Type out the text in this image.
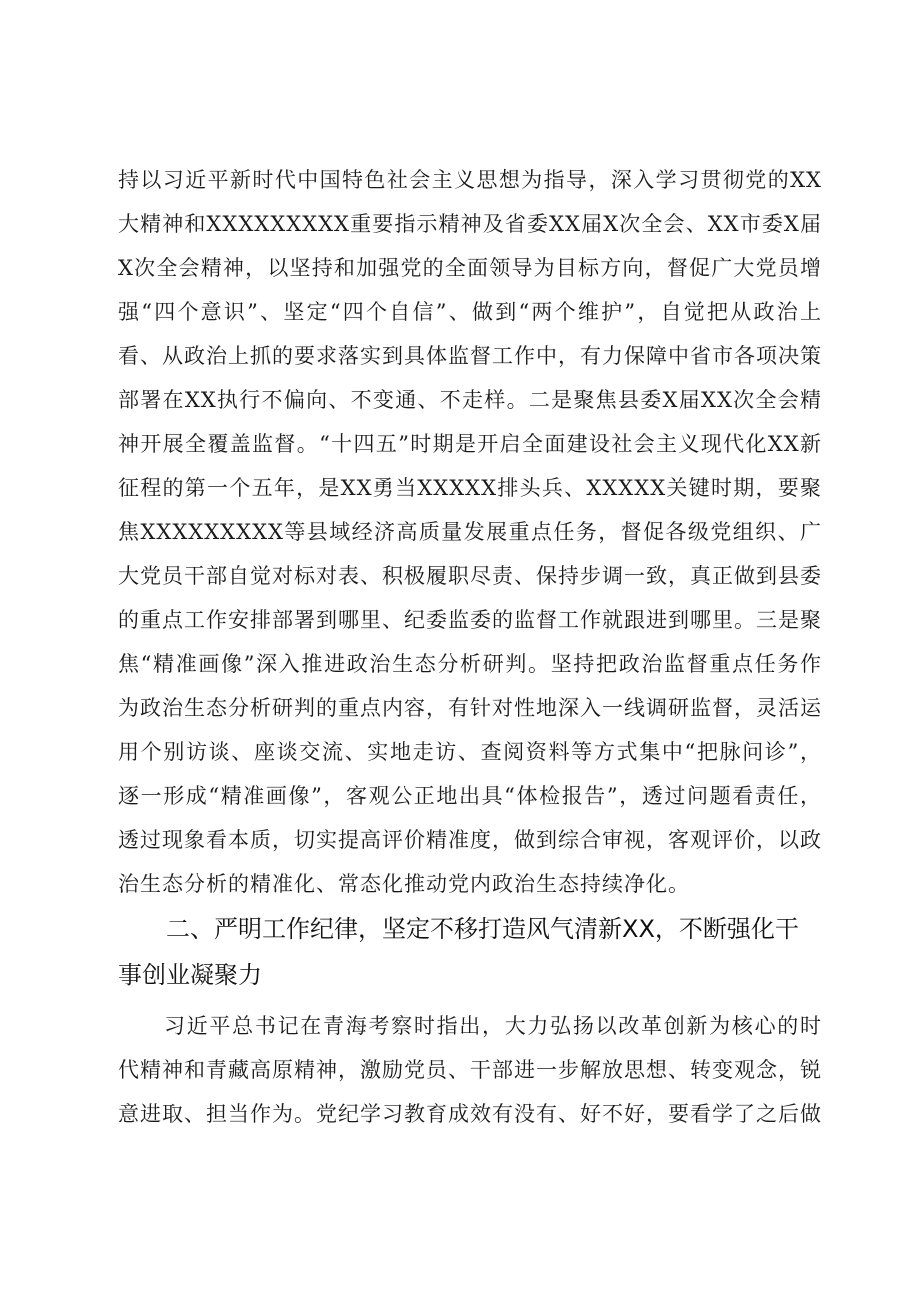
持以习近平新时代中国特色社会主义思想为指导，深入学习贯彻党的XX大精神和XXXXXXXXX重要指示精神及省委XX届X次全会、XX市委X届X次全会精神，以坚持和加强党的全面领导为目标方向，督促广大党员增强“四个意识”、坚定“四个自信”、做到“两个维护”，自觉把从政治上看、从政治上抓的要求落实到具体监督工作中，有力保障中省市各项决策部署在XX执行不偏向、不变通、不走样。二是聚焦县委X届XX次全会精神开展全覆盖监督。“十四五”时期是开启全面建设社会主义现代化XX新征程的第一个五年，是XX勇当XXXXX排头兵、XXXXX关键时期，要聚焦XXXXXXXXX等县域经济高质量发展重点任务，督促各级党组织、广大党员干部自觉对标对表、积极履职尽责、保持步调一致，真正做到县委的重点工作安排部署到哪里、纪委监委的监督工作就跟进到哪里。三是聚焦“精准画像”深入推进政治生态分析研判。坚持把政治监督重点任务作为政治生态分析研判的重点内容，有针对性地深入一线调研监督，灵活运用个别访谈、座谈交流、实地走访、查阅资料等方式集中“把脉问诊”，逐一形成“精准画像”，客观公正地出具“体检报告”，透过问题看责任，透过现象看本质，切实提高评价精准度，做到综合审视，客观评价，以政治生态分析的精准化、常态化推动党内政治生态持续净化。
二、严明工作纪律，坚定不移打造风气清新XX，不断强化干事创业凝聚力
习近平总书记在青海考察时指出，大力弘扬以改革创新为核心的时代精神和青藏高原精神，激励党员、干部进一步解放思想、转变观念，锐意进取、担当作为。党纪学习教育成效有没有、好不好，要看学了之后做
